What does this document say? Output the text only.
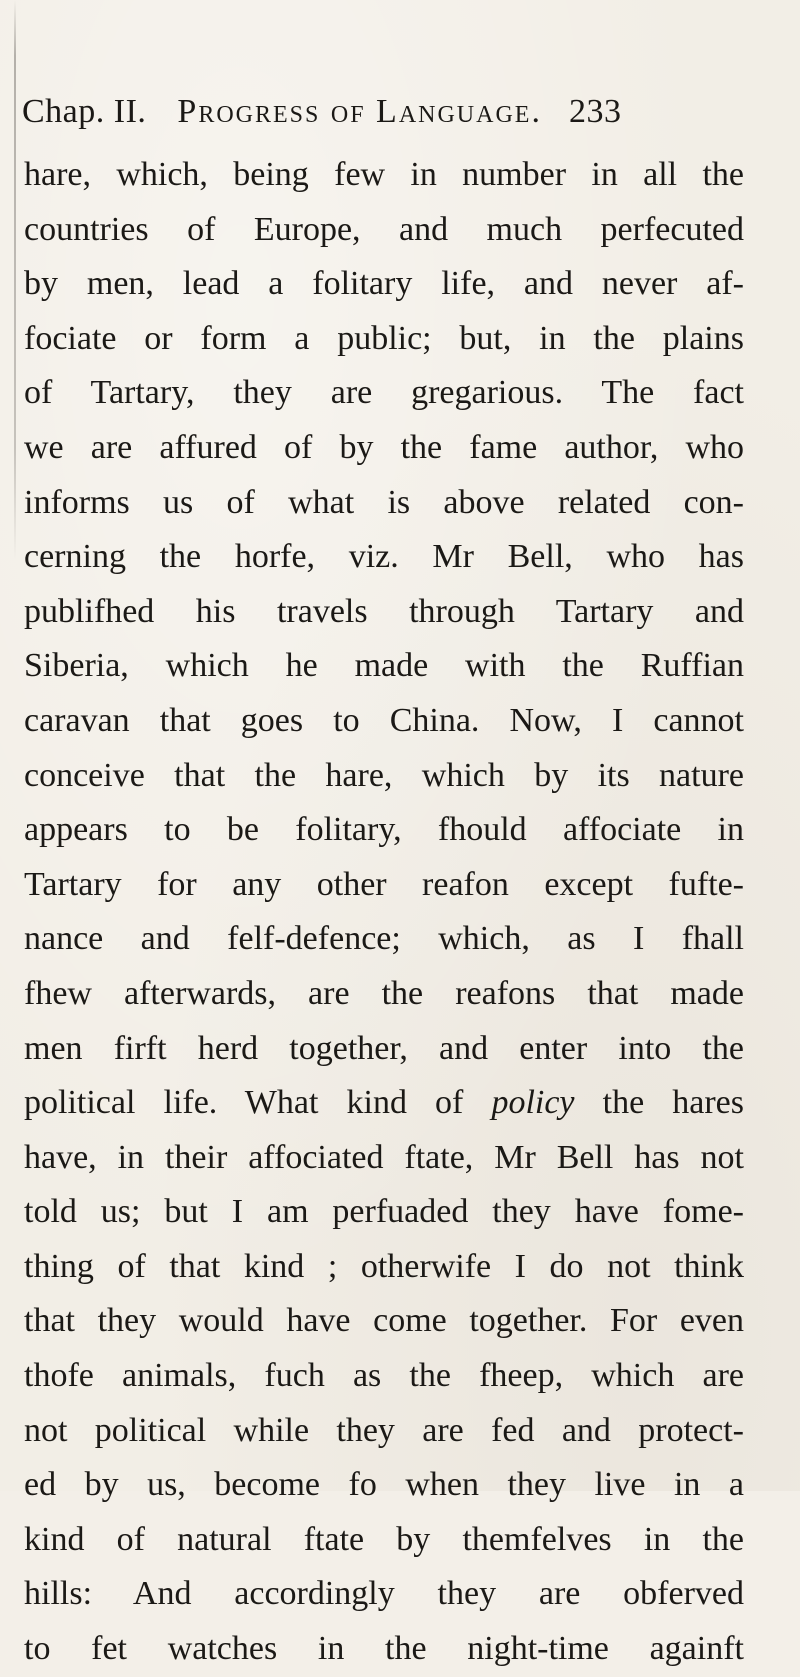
Chap. II. Progress of Language. 233
hare, which, being few in number in all the
countries of Europe, and much perfecuted
by men, lead a folitary life, and never af-
fociate or form a public; but, in the plains
of Tartary, they are gregarious. The fact
we are affured of by the fame author, who
informs us of what is above related con-
cerning the horfe, viz. Mr Bell, who has
publifhed his travels through Tartary and
Siberia, which he made with the Ruffian
caravan that goes to China. Now, I cannot
conceive that the hare, which by its nature
appears to be folitary, fhould affociate in
Tartary for any other reafon except fufte-
nance and felf-defence; which, as I fhall
fhew afterwards, are the reafons that made
men firft herd together, and enter into the
political life. What kind of policy the hares
have, in their affociated ftate, Mr Bell has not
told us; but I am perfuaded they have fome-
thing of that kind ; otherwife I do not think
that they would have come together. For even
thofe animals, fuch as the fheep, which are
not political while they are fed and protect-
ed by us, become fo when they live in a
kind of natural ftate by themfelves in the
hills: And accordingly they are obferved
to fet watches in the night-time againft
